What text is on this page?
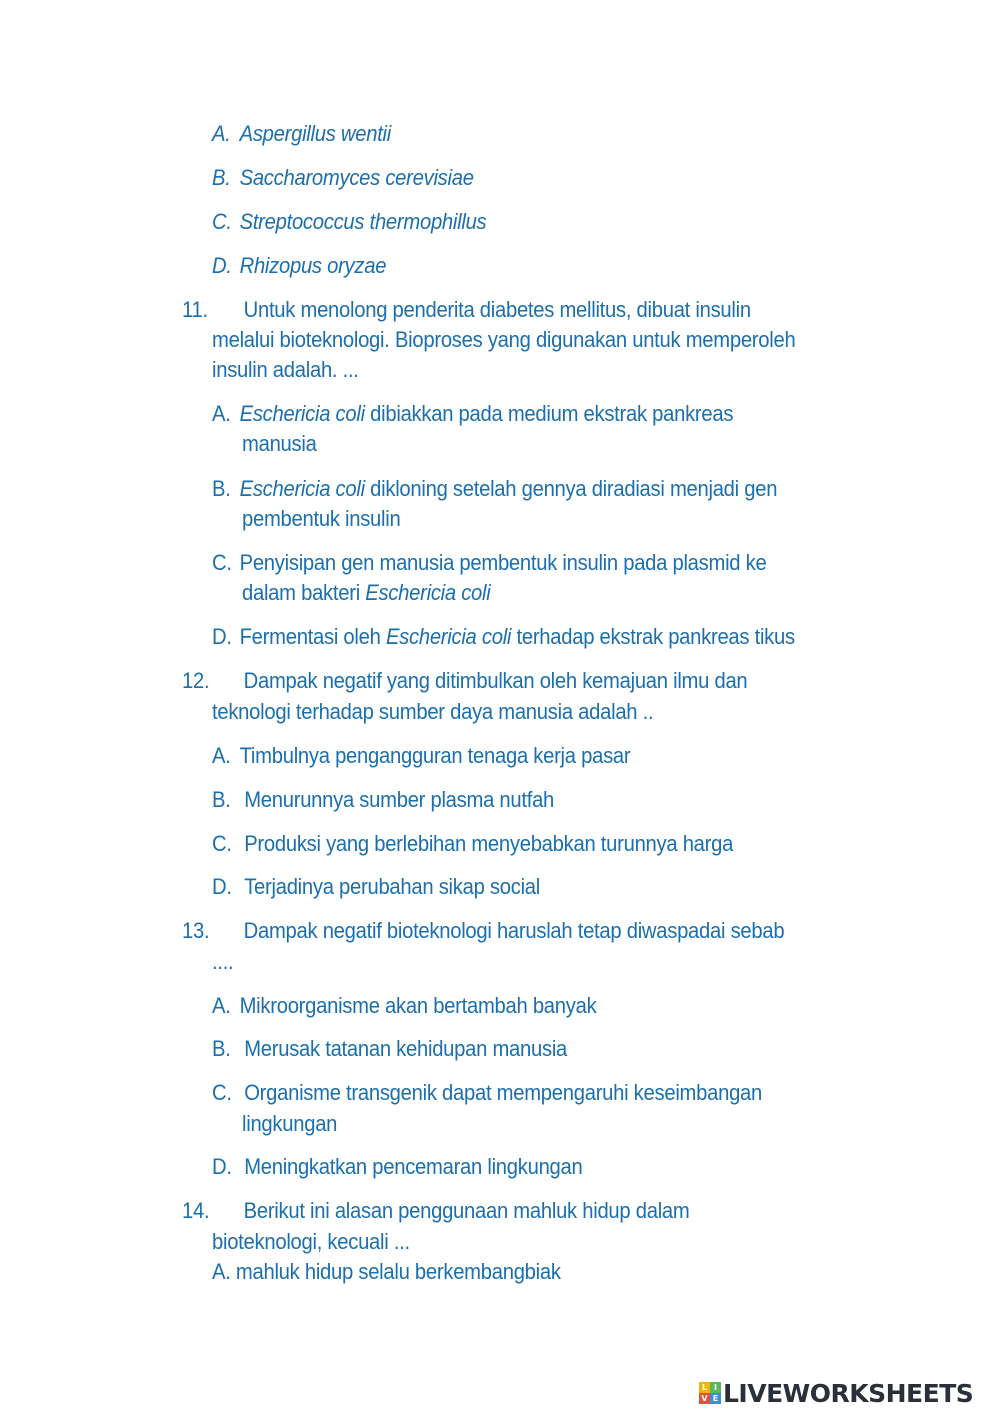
A. Aspergillus wentii
B. Saccharomyces cerevisiae
C. Streptococcus thermophillus
D. Rhizopus oryzae
11. Untuk menolong penderita diabetes mellitus, dibuat insulin
melalui bioteknologi. Bioproses yang digunakan untuk memperoleh
insulin adalah. ...
A. Eschericia coli dibiakkan pada medium ekstrak pankreas
manusia
B. Eschericia coli dikloning setelah gennya diradiasi menjadi gen
pembentuk insulin
C. Penyisipan gen manusia pembentuk insulin pada plasmid ke
dalam bakteri Eschericia coli
D. Fermentasi oleh Eschericia coli terhadap ekstrak pankreas tikus
12. Dampak negatif yang ditimbulkan oleh kemajuan ilmu dan
teknologi terhadap sumber daya manusia adalah ..
A. Timbulnya pengangguran tenaga kerja pasar
B. Menurunnya sumber plasma nutfah
C. Produksi yang berlebihan menyebabkan turunnya harga
D. Terjadinya perubahan sikap social
13. Dampak negatif bioteknologi haruslah tetap diwaspadai sebab
....
A. Mikroorganisme akan bertambah banyak
B. Merusak tatanan kehidupan manusia
C. Organisme transgenik dapat mempengaruhi keseimbangan
lingkungan
D. Meningkatkan pencemaran lingkungan
14. Berikut ini alasan penggunaan mahluk hidup dalam
bioteknologi, kecuali ...
A. mahluk hidup selalu berkembangbiak
L I
V E LIVEWORKSHEETS
